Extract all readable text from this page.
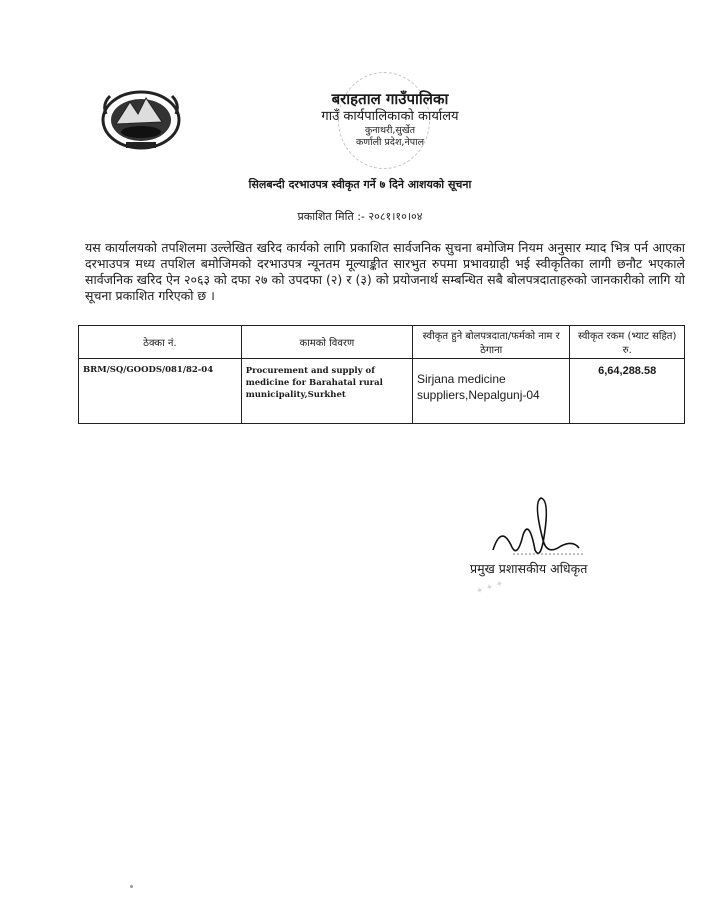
बराहताल गाउँपालिका
गाउँ कार्यपालिकाको कार्यालय
कुनाथरी,सुर्खेत
कर्णाली प्रदेश,नेपाल
सिलबन्दी दरभाउपत्र स्वीकृत गर्ने ७ दिने आशयको सूचना
प्रकाशित मिति :- २०८१।१०।०४
यस कार्यालयको तपशिलमा उल्लेखित खरिद कार्यको लागि प्रकाशित सार्वजनिक सुचना बमोजिम नियम अनुसार म्याद भित्र पर्न आएका दरभाउपत्र मध्य तपशिल बमोजिमको दरभाउपत्र न्यूनतम मूल्याङ्कीत सारभुत रुपमा प्रभावग्राही भई स्वीकृतिका लागी छनौट भएकाले सार्वजनिक खरिद ऐन २०६३ को दफा २७ को उपदफा (२) र (३) को प्रयोजनार्थ सम्बन्धित सबै बोलपत्रदाताहरुको जानकारीको लागि यो सूचना प्रकाशित गरिएको छ ।
ठेक्का नं.	कामको विवरण	स्वीकृत हुने बोलपत्रदाता/फर्मको नाम र ठेगाना	स्वीकृत रकम (भ्याट सहित) रु.
BRM/SQ/GOODS/081/82-04	Procurement and supply of medicine for Barahatal rural municipality,Surkhet	Sirjana medicine suppliers,Nepalgunj-04	6,64,288.58
प्रमुख प्रशासकीय अधिकृत
✦ ✦ ✦
